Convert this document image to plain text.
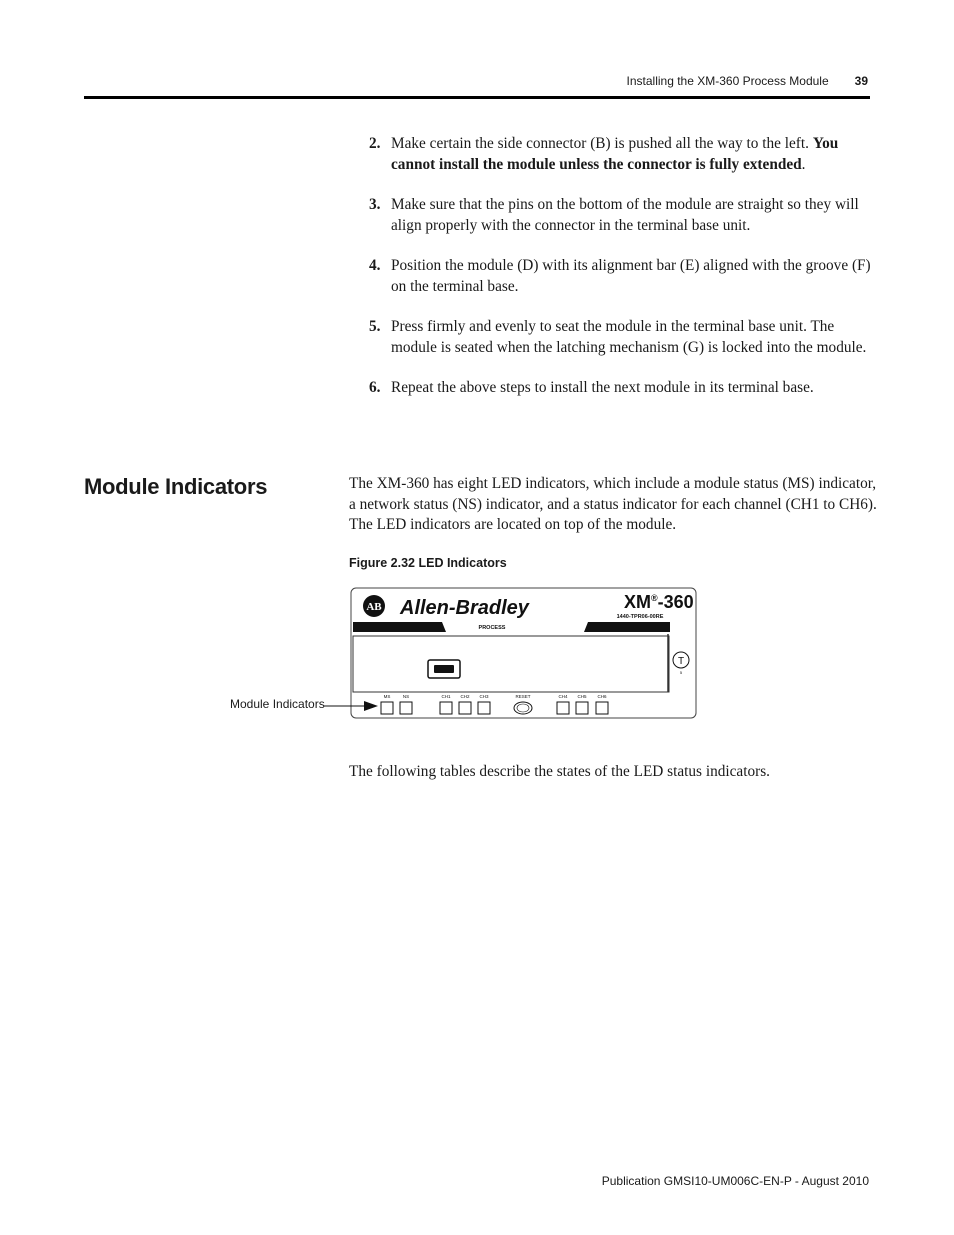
Installing the XM-360 Process Module 39
2. Make certain the side connector (B) is pushed all the way to the left. You cannot install the module unless the connector is fully extended.
3. Make sure that the pins on the bottom of the module are straight so they will align properly with the connector in the terminal base unit.
4. Position the module (D) with its alignment bar (E) aligned with the groove (F) on the terminal base.
5. Press firmly and evenly to seat the module in the terminal base unit. The module is seated when the latching mechanism (G) is locked into the module.
6. Repeat the above steps to install the next module in its terminal base.
Module Indicators	The XM-360 has eight LED indicators, which include a module status (MS) indicator, a network status (NS) indicator, and a status indicator for each channel (CH1 to CH6). The LED indicators are located on top of the module.
Figure 2.32 LED Indicators
Module Indicators
AB Allen-Bradley	XM®-360
1440-TPR06-00RE
PROCESS
T
5
MS	NS	CH1 CH2 CH3	RESET	CH4 CH5 CH6
The following tables describe the states of the LED status indicators.
Publication GMSI10-UM006C-EN-P - August 2010
